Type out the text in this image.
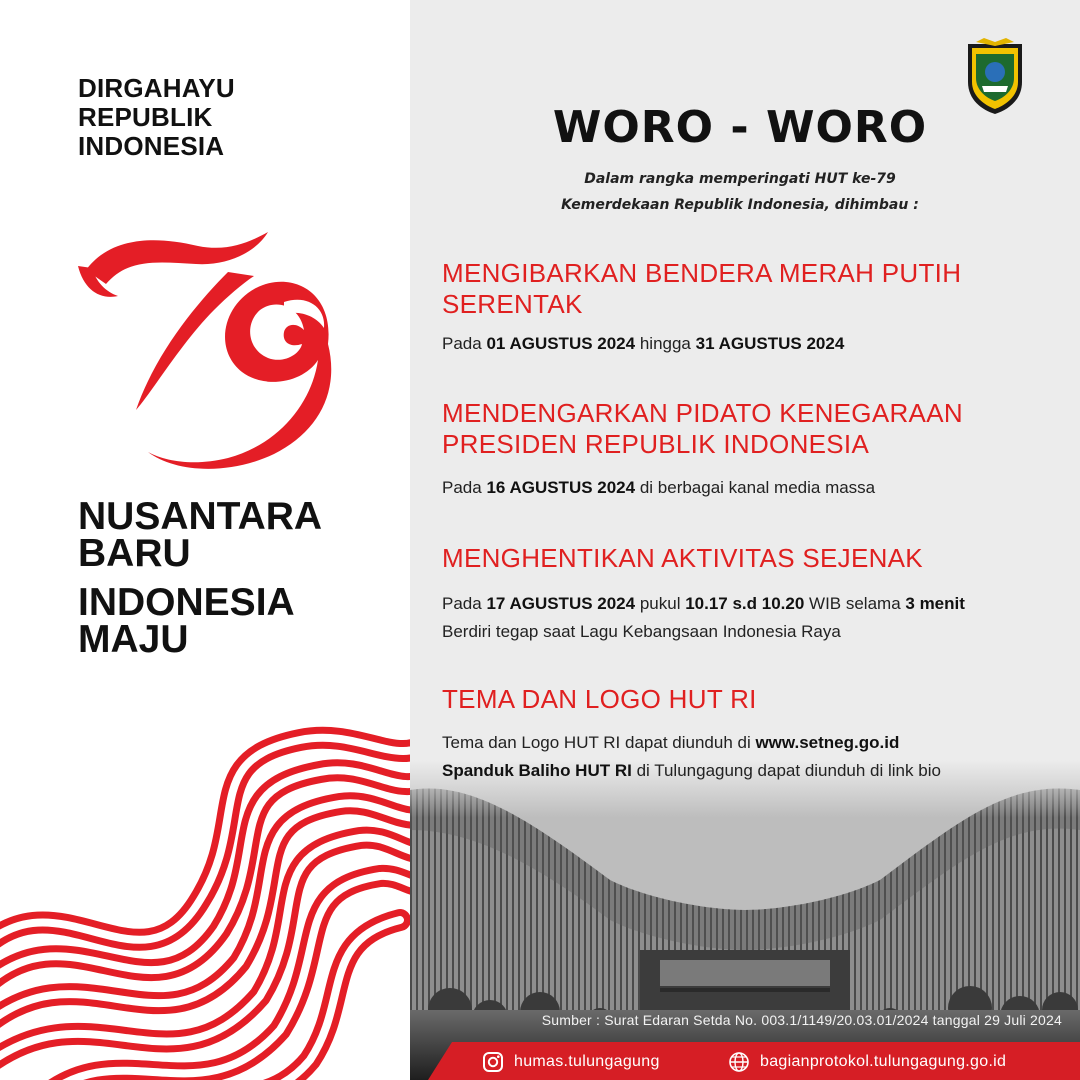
DIRGAHAYU
REPUBLIK
INDONESIA
NUSANTARA
BARU
INDONESIA
MAJU
WORO - WORO
Dalam rangka memperingati HUT ke-79
Kemerdekaan Republik Indonesia, dihimbau :
MENGIBARKAN BENDERA MERAH PUTIH
SERENTAK
Pada 01 AGUSTUS 2024 hingga 31 AGUSTUS 2024
MENDENGARKAN PIDATO KENEGARAAN
PRESIDEN REPUBLIK INDONESIA
Pada 16 AGUSTUS 2024 di berbagai kanal media massa
MENGHENTIKAN AKTIVITAS SEJENAK
Pada 17 AGUSTUS 2024 pukul 10.17 s.d 10.20 WIB selama 3 menit
Berdiri tegap saat Lagu Kebangsaan Indonesia Raya
TEMA DAN LOGO HUT RI
Tema dan Logo HUT RI dapat diunduh di www.setneg.go.id
Spanduk Baliho HUT RI di Tulungagung dapat diunduh di link bio
Sumber : Surat Edaran Setda No. 003.1/1149/20.03.01/2024 tanggal 29 Juli 2024
humas.tulungagung	bagianprotokol.tulungagung.go.id
